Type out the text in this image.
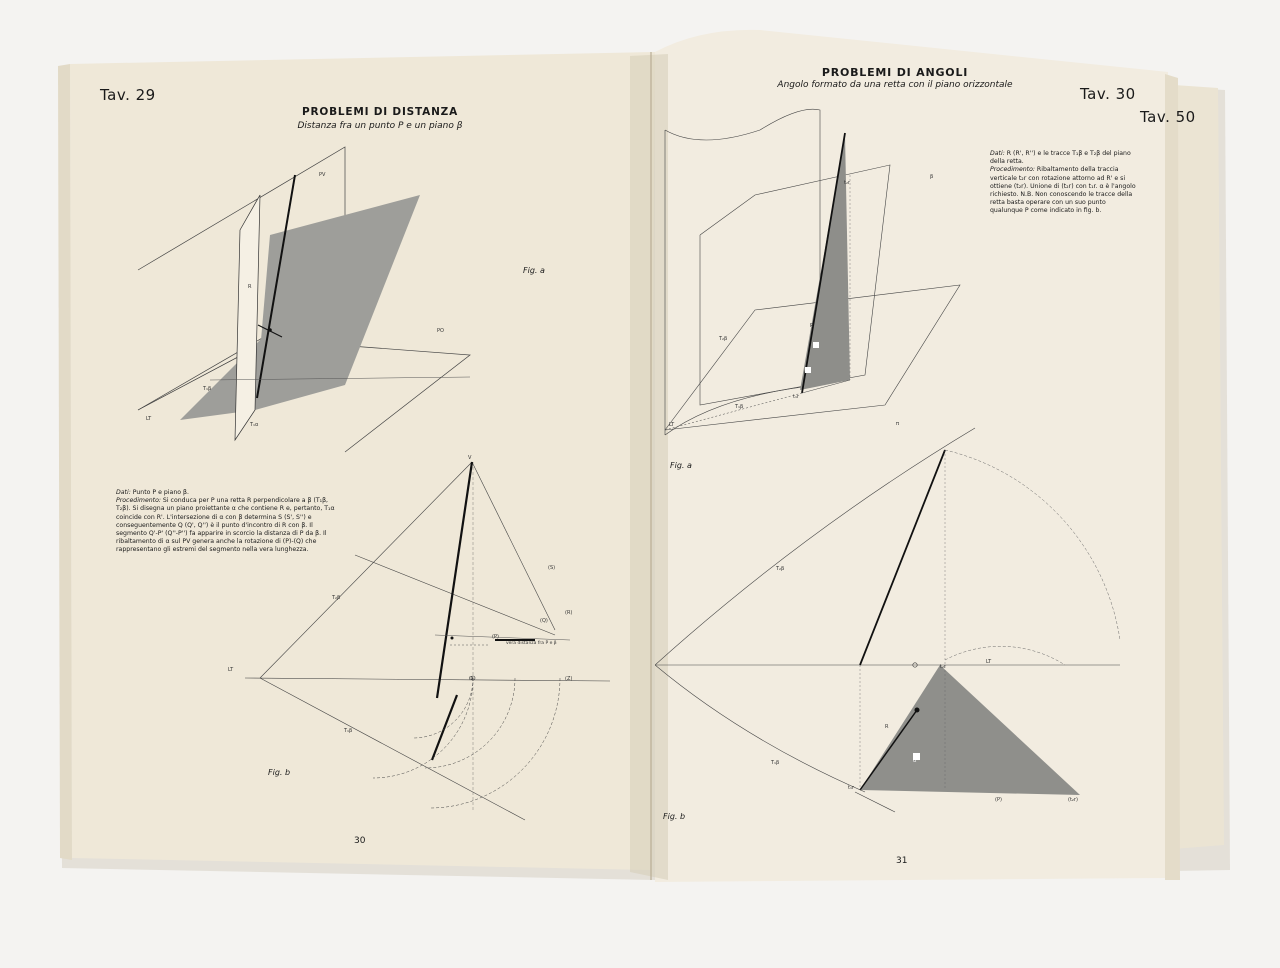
Tav. 29
PROBLEMI DI DISTANZA
Distanza fra un punto P e un piano β
Fig. a
Fig. b
30
Dati: Punto P e piano β.
Procedimento: Si conduca per P una retta R perpendicolare a β (T₁β, T₂β). Si disegna un piano proiettante α che contiene R e, pertanto, T₁α coincide con R'. L'intersezione di α con β determina S (S', S'') e conseguentemente Q (Q', Q'') è il punto d'incontro di R con β. Il segmento Q'-P' (Q''-P'') fa apparire in scorcio la distanza di P da β. Il ribaltamento di α sul PV genera anche la rotazione di (P)-(Q) che rappresentano gli estremi del segmento nella vera lunghezza.
PV
PO
LT
R
T₁β
T₁α
V
LT
T₂β
T₁β
(S)
(P)
(Q)
(R)
(Z)
vera distanza fra P e β
O
PROBLEMI DI ANGOLI
Angolo formato da una retta con il piano orizzontale	Tav. 30
Tav. 50
Fig. a
Fig. b
31
Dati: R (R', R'') e le tracce T₁β e T₂β del piano della retta.
Procedimento: Ribaltamento della traccia verticale t₂r con rotazione attorno ad R' e si ottiene (t₂r). Unione di (t₂r) con t₁r. α è l'angolo richiesto. N.B. Non conoscendo le tracce della retta basta operare con un suo punto qualunque P come indicato in fig. b.
LT
R
β
T₂β
T₁β
t₂r
t₁r
π
LT
R
T₂β
T₁β
t₂r
t₁r
(P)	(t₂r)
α
